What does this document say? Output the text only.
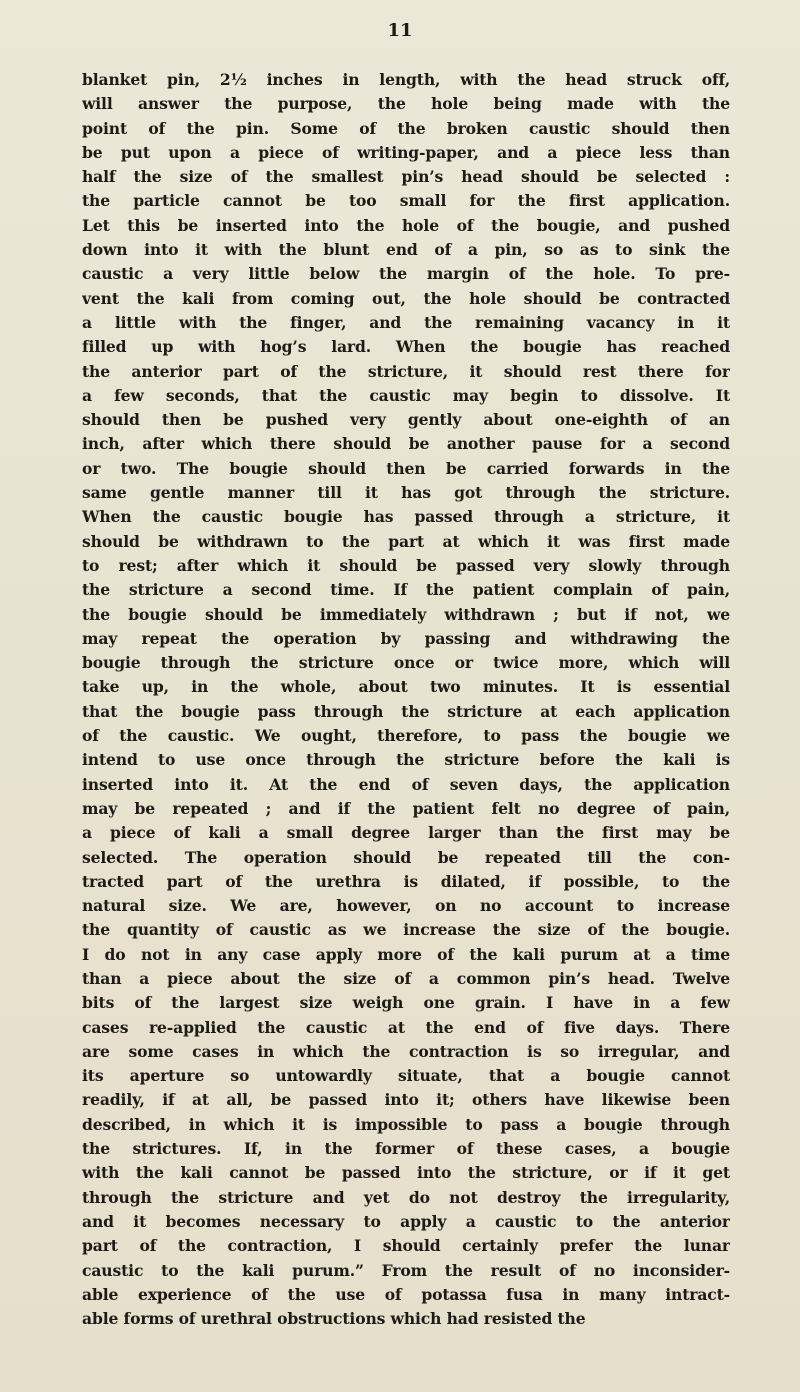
11
blanket pin, 2½ inches in length, with the head struck off,
will answer the purpose, the hole being made with the
point of the pin. Some of the broken caustic should then
be put upon a piece of writing-paper, and a piece less than
half the size of the smallest pin’s head should be selected :
the particle cannot be too small for the first application.
Let this be inserted into the hole of the bougie, and pushed
down into it with the blunt end of a pin, so as to sink the
caustic a very little below the margin of the hole. To pre-
vent the kali from coming out, the hole should be contracted
a little with the finger, and the remaining vacancy in it
filled up with hog’s lard. When the bougie has reached
the anterior part of the stricture, it should rest there for
a few seconds, that the caustic may begin to dissolve. It
should then be pushed very gently about one-eighth of an
inch, after which there should be another pause for a second
or two. The bougie should then be carried forwards in the
same gentle manner till it has got through the stricture.
When the caustic bougie has passed through a stricture, it
should be withdrawn to the part at which it was first made
to rest; after which it should be passed very slowly through
the stricture a second time. If the patient complain of pain,
the bougie should be immediately withdrawn ; but if not, we
may repeat the operation by passing and withdrawing the
bougie through the stricture once or twice more, which will
take up, in the whole, about two minutes. It is essential
that the bougie pass through the stricture at each application
of the caustic. We ought, therefore, to pass the bougie we
intend to use once through the stricture before the kali is
inserted into it. At the end of seven days, the application
may be repeated ; and if the patient felt no degree of pain,
a piece of kali a small degree larger than the first may be
selected. The operation should be repeated till the con-
tracted part of the urethra is dilated, if possible, to the
natural size. We are, however, on no account to increase
the quantity of caustic as we increase the size of the bougie.
I do not in any case apply more of the kali purum at a time
than a piece about the size of a common pin’s head. Twelve
bits of the largest size weigh one grain. I have in a few
cases re-applied the caustic at the end of five days. There
are some cases in which the contraction is so irregular, and
its aperture so untowardly situate, that a bougie cannot
readily, if at all, be passed into it; others have likewise been
described, in which it is impossible to pass a bougie through
the strictures. If, in the former of these cases, a bougie
with the kali cannot be passed into the stricture, or if it get
through the stricture and yet do not destroy the irregularity,
and it becomes necessary to apply a caustic to the anterior
part of the contraction, I should certainly prefer the lunar
caustic to the kali purum.” From the result of no inconsider-
able experience of the use of potassa fusa in many intract-
able forms of urethral obstructions which had resisted the
